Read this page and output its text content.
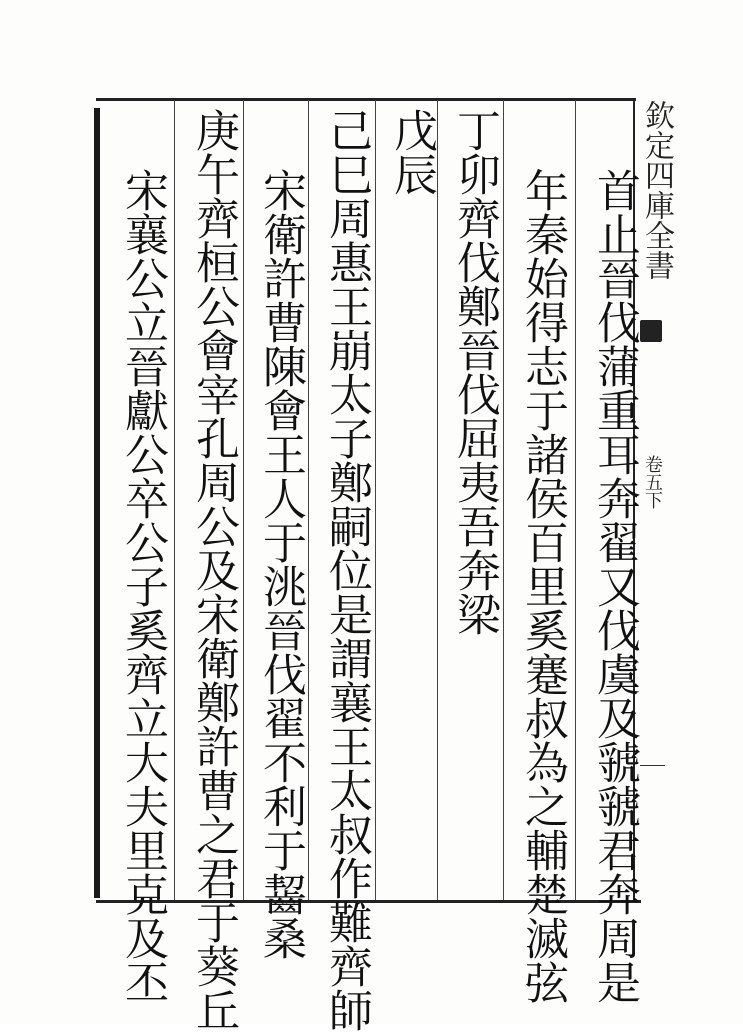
欽定四庫全書
卷五下
首止晉伐蒲重耳奔翟又伐虞及虢虢君奔周是
年秦始得志于諸侯百里奚蹇叔為之輔楚滅弦
丁卯齊伐鄭晉伐屈夷吾奔梁
戊辰
己巳周惠王崩太子鄭嗣位是謂襄王太叔作難齊師
宋衛許曹陳會王人于洮晉伐翟不利于齧桑
庚午齊桓公會宰孔周公及宋衛鄭許曹之君于葵丘
宋襄公立晉獻公卒公子奚齊立大夫里克及丕
